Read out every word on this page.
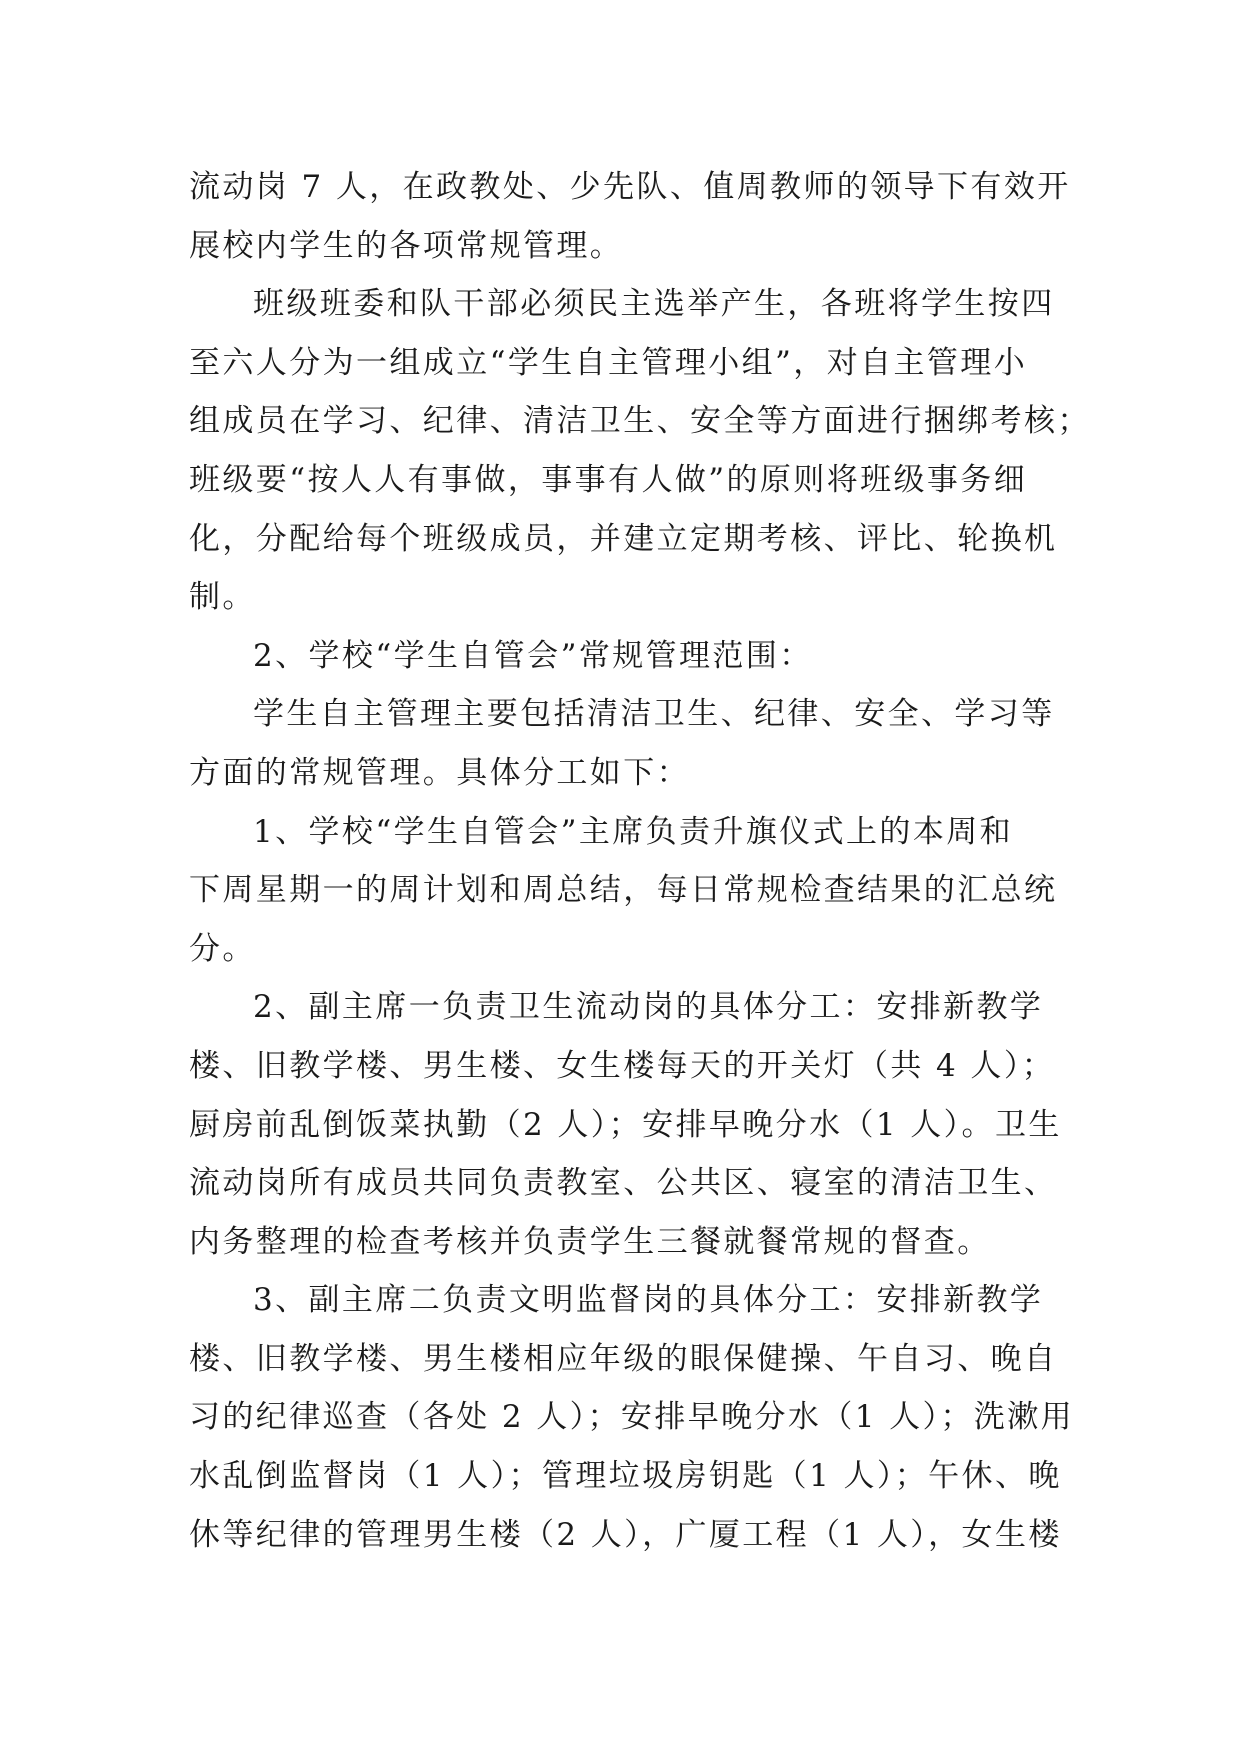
流动岗 7 人，在政教处、少先队、值周教师的领导下有效开
展校内学生的各项常规管理。
班级班委和队干部必须民主选举产生，各班将学生按四
至六人分为一组成立“学生自主管理小组”，对自主管理小
组成员在学习、纪律、清洁卫生、安全等方面进行捆绑考核；
班级要“按人人有事做，事事有人做”的原则将班级事务细
化，分配给每个班级成员，并建立定期考核、评比、轮换机
制。
2、学校“学生自管会”常规管理范围：
学生自主管理主要包括清洁卫生、纪律、安全、学习等
方面的常规管理。具体分工如下：
1、学校“学生自管会”主席负责升旗仪式上的本周和
下周星期一的周计划和周总结，每日常规检查结果的汇总统
分。
2、副主席一负责卫生流动岗的具体分工：安排新教学
楼、旧教学楼、男生楼、女生楼每天的开关灯（共 4 人）；
厨房前乱倒饭菜执勤（2 人）；安排早晚分水（1 人）。卫生
流动岗所有成员共同负责教室、公共区、寝室的清洁卫生、
内务整理的检查考核并负责学生三餐就餐常规的督查。
3、副主席二负责文明监督岗的具体分工：安排新教学
楼、旧教学楼、男生楼相应年级的眼保健操、午自习、晚自
习的纪律巡查（各处 2 人）；安排早晚分水（1 人）；洗漱用
水乱倒监督岗（1 人）；管理垃圾房钥匙（1 人）；午休、晚
休等纪律的管理男生楼（2 人），广厦工程（1 人），女生楼
